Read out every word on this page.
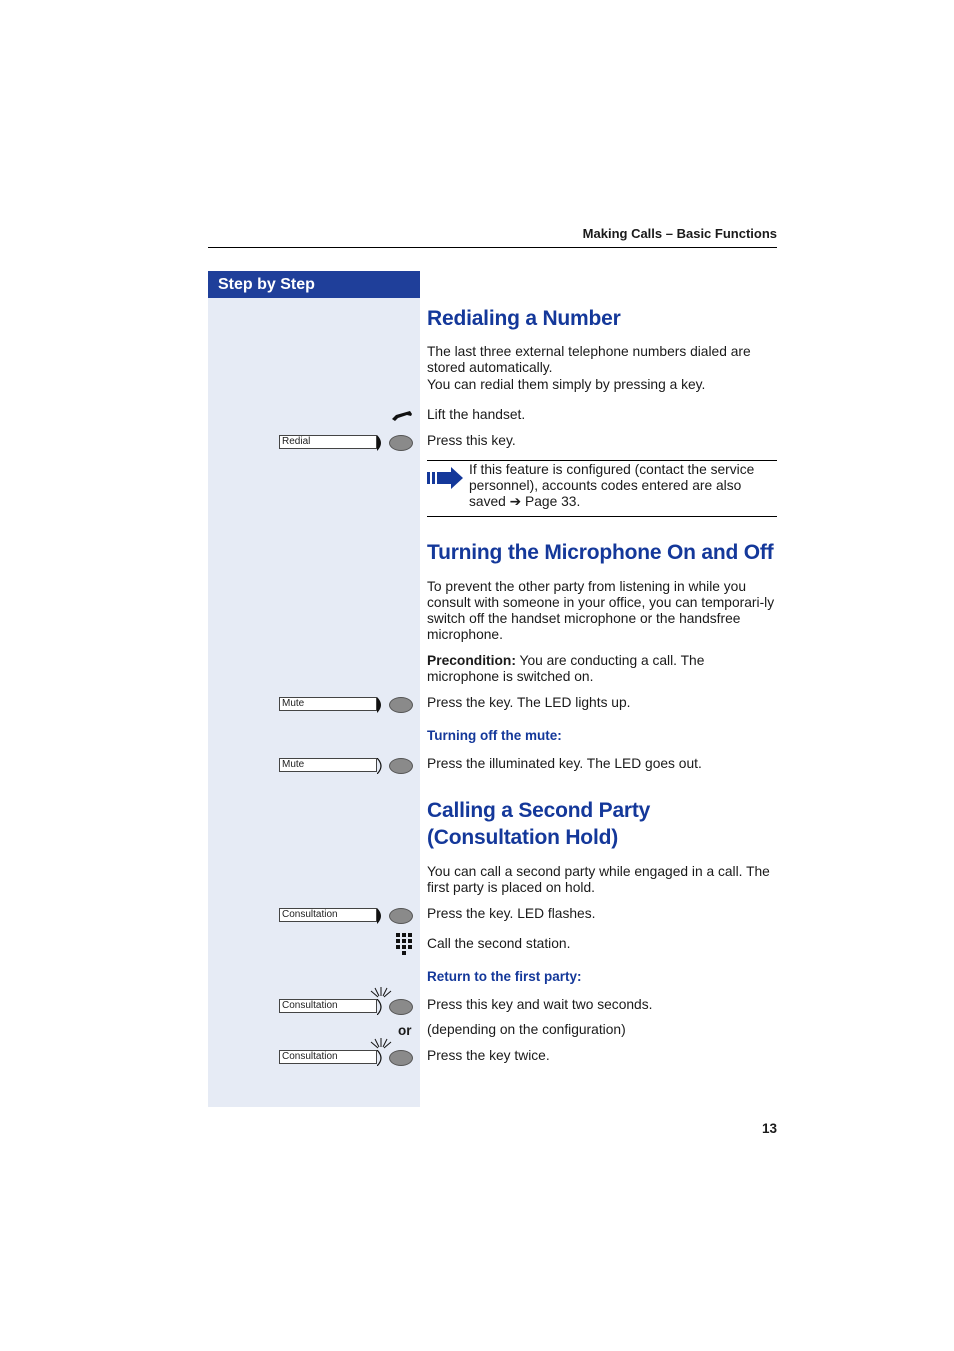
Making Calls – Basic Functions
Step by Step
Redialing a Number
The last three external telephone numbers dialed are stored automatically.
You can redial them simply by pressing a key.
Lift the handset.
Redial	Press this key.
If this feature is configured (contact the service
personnel), accounts codes entered are also
saved ➔ Page 33.
Turning the Microphone On and Off
To prevent the other party from listening in while you consult with someone in your office, you can temporari-ly switch off the handset microphone or the handsfree microphone.
Precondition: You are conducting a call. The microphone is switched on.
Mute	Press the key. The LED lights up.
Turning off the mute:
Mute	Press the illuminated key. The LED goes out.
Calling a Second Party
(Consultation Hold)
You can call a second party while engaged in a call. The first party is placed on hold.
Consultation	Press the key. LED flashes.
Call the second station.
Return to the first party:
Consultation	Press this key and wait two seconds.
or (depending on the configuration)
Consultation	Press the key twice.
13
